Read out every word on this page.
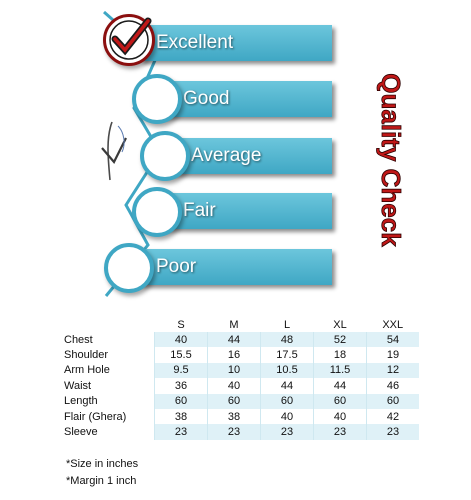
Excellent
Good
Average
Fair
Poor
Quality Check
	S	M	L	XL	XXL
Chest	40	44	48	52	54
Shoulder	15.5	16	17.5	18	19
Arm Hole	9.5	10	10.5	11.5	12
Waist	36	40	44	44	46
Length	60	60	60	60	60
Flair (Ghera)	38	38	40	40	42
Sleeve	23	23	23	23	23
*Size in inches
*Margin 1 inch
